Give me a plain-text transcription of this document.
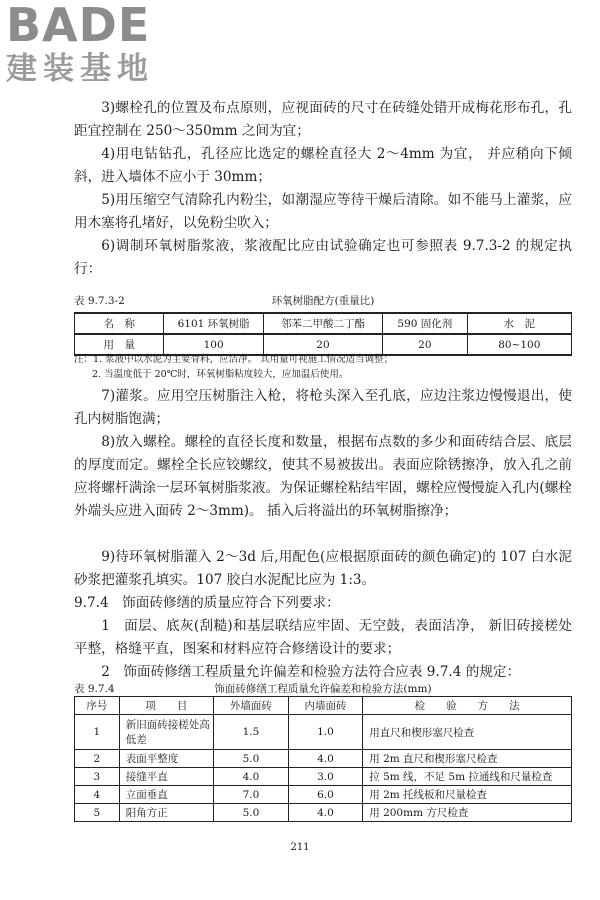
BADE
建装基地

3)螺栓孔的位置及布点原则，应视面砖的尺寸在砖缝处错开成梅花形布孔，孔距宜控制在 250～350mm 之间为宜；

4)用电钻钻孔，孔径应比选定的螺栓直径大 2～4mm 为宜， 并应稍向下倾斜，进入墙体不应小于 30mm；

5)用压缩空气清除孔内粉尘，如潮湿应等待干燥后清除。如不能马上灌浆，应用木塞将孔堵好，以免粉尘吹入；

6)调制环氧树脂浆液，浆液配比应由试验确定也可参照表 9.7.3-2 的规定执行：

表 9.7.3-2	环氧树脂配方(重量比)
名　称	6101 环氧树脂	邻苯二甲酸二丁酯	590 固化剂	水　泥
用　量	100	20	20	80~100

注：1. 浆液中以水泥为主要骨料，应洁净。 其用量可视施工情况适当调整；

2. 当温度低于 20℃时，环氧树脂粘度较大，应加温后使用。

7)灌浆。应用空压树脂注入枪，将枪头深入至孔底，应边注浆边慢慢退出，使孔内树脂饱满；

8)放入螺栓。螺栓的直径长度和数量，根据布点数的多少和面砖结合层、底层的厚度而定。螺栓全长应铰螺纹，使其不易被拔出。表面应除锈擦净，放入孔之前应将螺杆满涂一层环氧树脂浆液。为保证螺栓粘结牢固，螺栓应慢慢旋入孔内(螺栓外端头应进入面砖 2～3mm)。 插入后将溢出的环氧树脂擦净；

9)待环氧树脂灌入 2～3d 后,用配色(应根据原面砖的颜色确定)的 107 白水泥砂浆把灌浆孔填实。107 胶白水泥配比应为 1:3。

9.7.4　饰面砖修缮的质量应符合下列要求：

1　面层、底灰(刮糙)和基层联结应牢固、无空鼓，表面洁净， 新旧砖接槎处平整，格缝平直，图案和材料应符合修缮设计的要求；

2　饰面砖修缮工程质量允许偏差和检验方法符合应表 9.7.4 的规定：

表 9.7.4	饰面砖修缮工程质量允许偏差和检验方法(mm)
序号	项　　目	外墙面砖	内墙面砖	检　　验　　方　　法
1	新旧面砖接槎处高低差	1.5	1.0	用直尺和楔形塞尺检查
2	表面平整度	5.0	4.0	用 2m 直尺和楔形塞尺检查
3	接缝平直	4.0	3.0	拉 5m 线，不足 5m 拉通线和尺量检查
4	立面垂直	7.0	6.0	用 2m 托线板和尺量检查
5	阳角方正	5.0	4.0	用 200mm 方尺检查
211
